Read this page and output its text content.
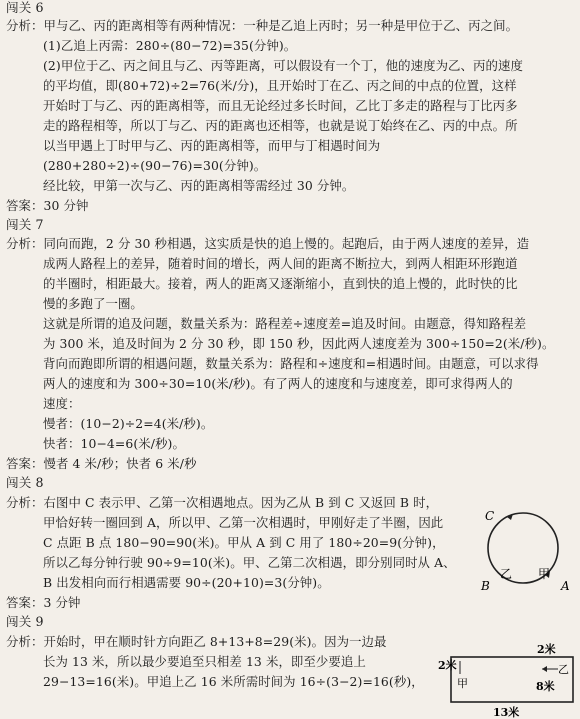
闯关 6
分析：甲与乙、丙的距离相等有两种情况：一种是乙追上丙时；另一种是甲位于乙、丙之间。
(1)乙追上丙需：280÷(80−72)=35(分钟)。
(2)甲位于乙、丙之间且与乙、丙等距离，可以假设有一个丁，他的速度为乙、丙的速度
的平均值，即(80+72)÷2=76(米/分)，且开始时丁在乙、丙之间的中点的位置，这样
开始时丁与乙、丙的距离相等，而且无论经过多长时间，乙比丁多走的路程与丁比丙多
走的路程相等，所以丁与乙、丙的距离也还相等，也就是说丁始终在乙、丙的中点。所
以当甲遇上丁时甲与乙、丙的距离相等，而甲与丁相遇时间为
(280+280÷2)÷(90−76)=30(分钟)。
经比较，甲第一次与乙、丙的距离相等需经过 30 分钟。
答案：30 分钟
闯关 7
分析：同向而跑，2 分 30 秒相遇，这实质是快的追上慢的。起跑后，由于两人速度的差异，造
成两人路程上的差异，随着时间的增长，两人间的距离不断拉大，到两人相距环形跑道
的半圈时，相距最大。接着，两人的距离又逐渐缩小，直到快的追上慢的，此时快的比
慢的多跑了一圈。
这就是所谓的追及问题，数量关系为：路程差÷速度差=追及时间。由题意，得知路程差
为 300 米，追及时间为 2 分 30 秒，即 150 秒，因此两人速度差为 300÷150=2(米/秒)。
背向而跑即所谓的相遇问题，数量关系为：路程和÷速度和=相遇时间。由题意，可以求得
两人的速度和为 300÷30=10(米/秒)。有了两人的速度和与速度差，即可求得两人的
速度：
慢者：(10−2)÷2=4(米/秒)。
快者：10−4=6(米/秒)。
答案：慢者 4 米/秒；快者 6 米/秒
闯关 8
分析：右图中 C 表示甲、乙第一次相遇地点。因为乙从 B 到 C 又返回 B 时，
甲恰好转一圈回到 A，所以甲、乙第一次相遇时，甲刚好走了半圈，因此
C 点距 B 点 180−90=90(米)。甲从 A 到 C 用了 180÷20=9(分钟)，
所以乙每分钟行驶 90÷9=10(米)。甲、乙第二次相遇，即分别同时从 A、
B 出发相向而行相遇需要 90÷(20+10)=3(分钟)。
答案：3 分钟
闯关 9
分析：开始时，甲在顺时针方向距乙 8+13+8=29(米)。因为一边最
长为 13 米，所以最少要追至只相差 13 米，即至少要追上
29−13=16(米)。甲追上乙 16 米所需时间为 16÷(3−2)=16(秒)，
C
B	A
乙 甲
2米
2米
甲
乙
8米
13米
